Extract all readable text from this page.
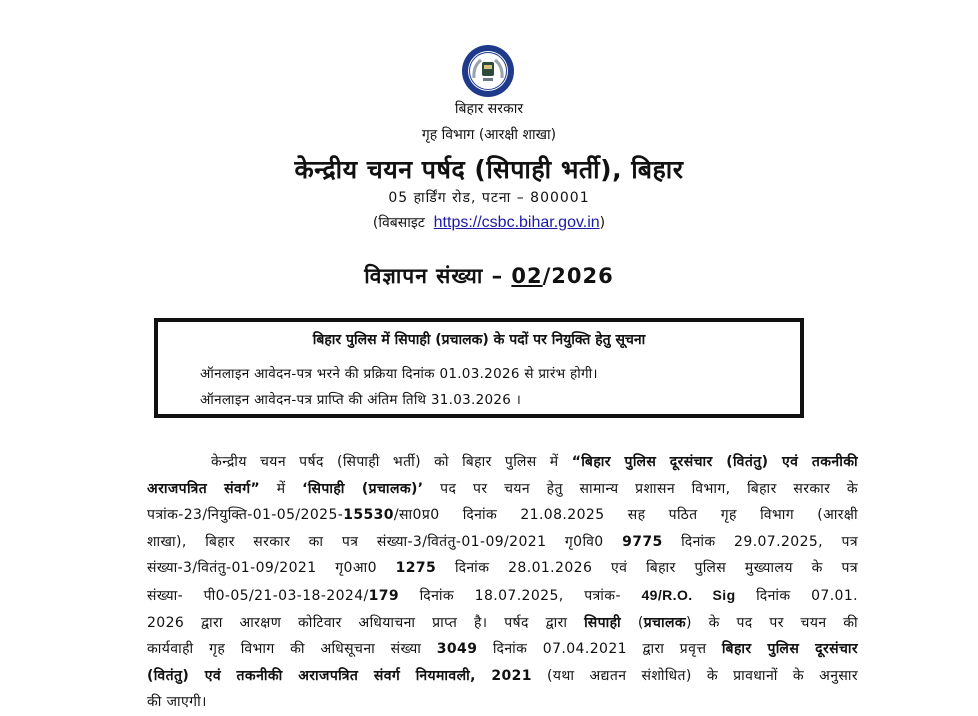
बिहार सरकार
गृह विभाग (आरक्षी शाखा)
केन्द्रीय चयन पर्षद (सिपाही भर्ती), बिहार
05 हार्डिंग रोड, पटना – 800001
(विबसाइट https://csbc.bihar.gov.in)
विज्ञापन संख्या – 02/2026
बिहार पुलिस में सिपाही (प्रचालक) के पदों पर नियुक्ति हेतु सूचना
ऑनलाइन आवेदन-पत्र भरने की प्रक्रिया दिनांक 01.03.2026 से प्रारंभ होगी।
ऑनलाइन आवेदन-पत्र प्राप्ति की अंतिम तिथि 31.03.2026 ।
केन्द्रीय चयन पर्षद (सिपाही भर्ती) को बिहार पुलिस में “बिहार पुलिस दूरसंचार (वितंतु) एवं तकनीकी
अराजपत्रित संवर्ग” में ‘सिपाही (प्रचालक)’ पद पर चयन हेतु सामान्य प्रशासन विभाग, बिहार सरकार के
पत्रांक-23/नियुक्ति-01-05/2025-15530/सा0प्र0 दिनांक 21.08.2025 सह पठित गृह विभाग (आरक्षी
शाखा), बिहार सरकार का पत्र संख्या-3/वितंतु-01-09/2021 गृ0वि0 9775 दिनांक 29.07.2025, पत्र
संख्या-3/वितंतु-01-09/2021 गृ0आ0 1275 दिनांक 28.01.2026 एवं बिहार पुलिस मुख्यालय के पत्र
संख्या- पी0-05/21-03-18-2024/179 दिनांक 18.07.2025, पत्रांक- 49/R.O. Sig दिनांक 07.01.
2026 द्वारा आरक्षण कोटिवार अधियाचना प्राप्त है। पर्षद द्वारा सिपाही (प्रचालक) के पद पर चयन की
कार्यवाही गृह विभाग की अधिसूचना संख्या 3049 दिनांक 07.04.2021 द्वारा प्रवृत्त बिहार पुलिस दूरसंचार
(वितंतु) एवं तकनीकी अराजपत्रित संवर्ग नियमावली, 2021 (यथा अद्यतन संशोधित) के प्रावधानों के अनुसार
की जाएगी।
